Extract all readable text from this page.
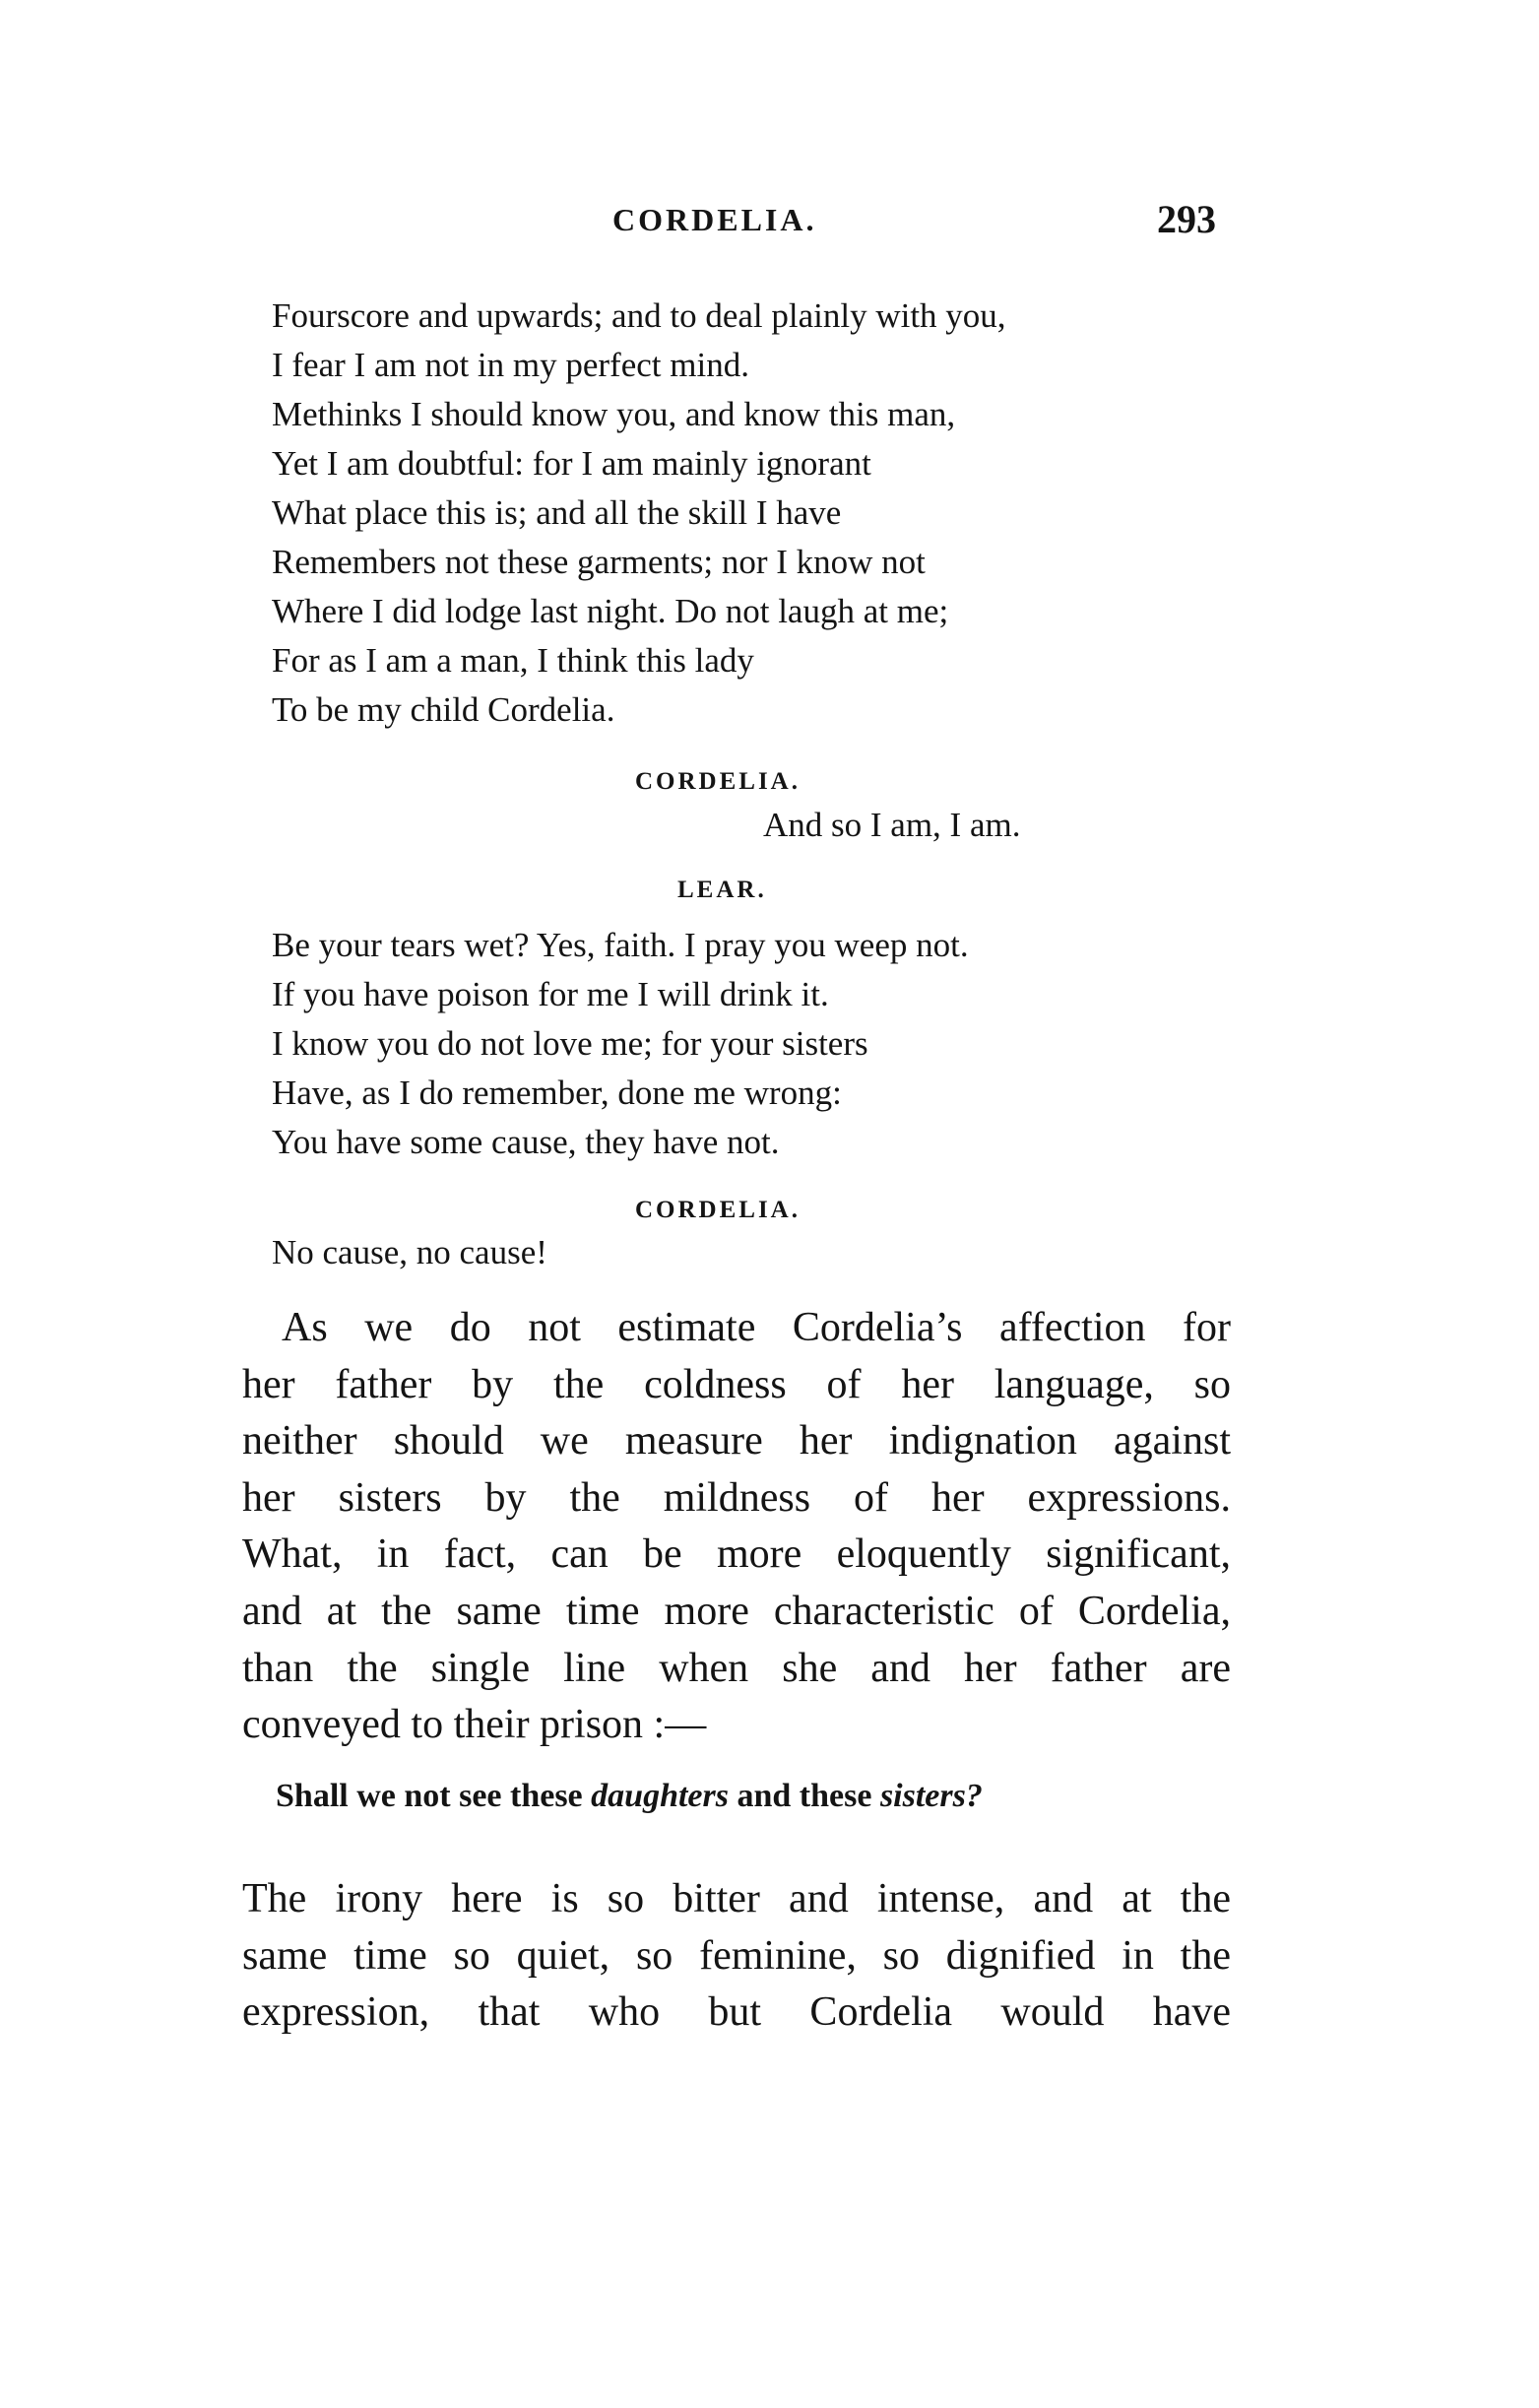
CORDELIA.	293
Fourscore and upwards; and to deal plainly with you,
I fear I am not in my perfect mind.
Methinks I should know you, and know this man,
Yet I am doubtful: for I am mainly ignorant
What place this is; and all the skill I have
Remembers not these garments; nor I know not
Where I did lodge last night. Do not laugh at me;
For as I am a man, I think this lady
To be my child Cordelia.
CORDELIA.
And so I am, I am.
LEAR.
Be your tears wet? Yes, faith. I pray you weep not.
If you have poison for me I will drink it.
I know you do not love me; for your sisters
Have, as I do remember, done me wrong:
You have some cause, they have not.
CORDELIA.
No cause, no cause!
As we do not estimate Cordelia’s affection for
her father by the coldness of her language, so
neither should we measure her indignation against
her sisters by the mildness of her expressions.
What, in fact, can be more eloquently significant,
and at the same time more characteristic of Cordelia,
than the single line when she and her father are
conveyed to their prison :—
Shall we not see these daughters and these sisters?
The irony here is so bitter and intense, and at the
same time so quiet, so feminine, so dignified in the
expression, that who but Cordelia would have
